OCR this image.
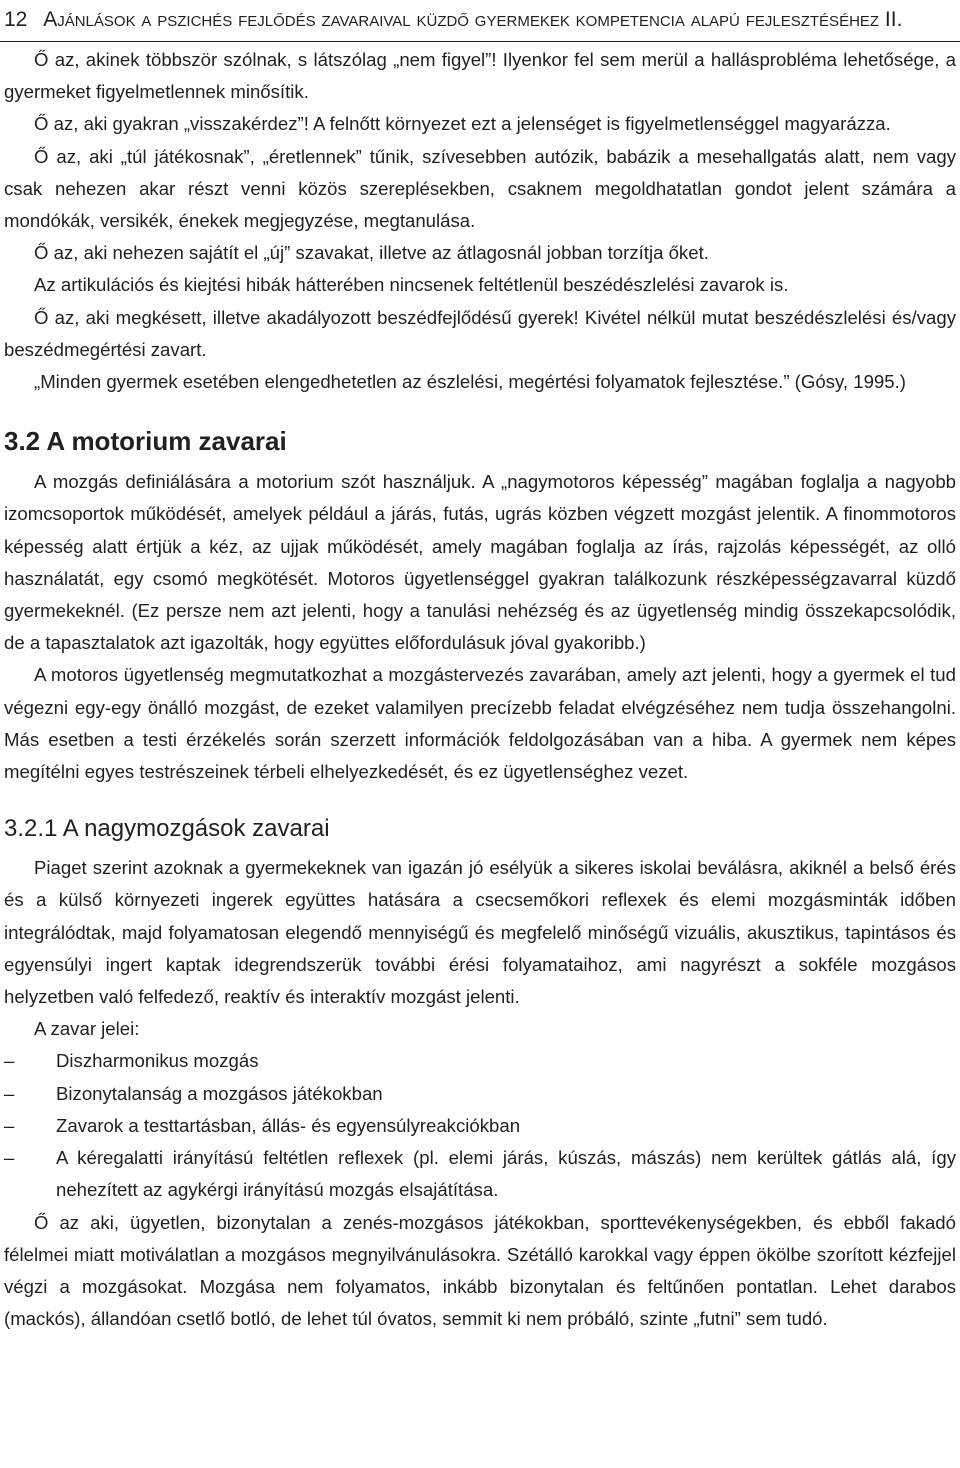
12 Ajánlások a pszichés fejlődés zavaraival küzdő gyermekek kompetencia alapú fejlesztéséhez II.

Ő az, akinek többször szólnak, s látszólag „nem figyel”! Ilyenkor fel sem merül a hallásprobléma lehetősége, a gyermeket figyelmetlennek minősítik.

Ő az, aki gyakran „visszakérdez”! A felnőtt környezet ezt a jelenséget is figyelmetlenséggel magyarázza.

Ő az, aki „túl játékosnak”, „éretlennek” tűnik, szívesebben autózik, babázik a mesehallgatás alatt, nem vagy csak nehezen akar részt venni közös szereplésekben, csaknem megoldhatatlan gondot jelent számára a mondókák, versikék, énekek megjegyzése, megtanulása.

Ő az, aki nehezen sajátít el „új” szavakat, illetve az átlagosnál jobban torzítja őket.

Az artikulációs és kiejtési hibák hátterében nincsenek feltétlenül beszédészlelési zavarok is.

Ő az, aki megkésett, illetve akadályozott beszédfejlődésű gyerek! Kivétel nélkül mutat beszédészlelési és/vagy beszédmegértési zavart.

„Minden gyermek esetében elengedhetetlen az észlelési, megértési folyamatok fejlesztése.” (Gósy, 1995.)

3.2 A motorium zavarai

A mozgás definiálására a motorium szót használjuk. A „nagymotoros képesség” magában foglalja a nagyobb izomcsoportok működését, amelyek például a járás, futás, ugrás közben végzett mozgást jelentik. A finommotoros képesség alatt értjük a kéz, az ujjak működését, amely magában foglalja az írás, rajzolás képességét, az olló használatát, egy csomó megkötését. Motoros ügyetlenséggel gyakran találkozunk részképességzavarral küzdő gyermekeknél. (Ez persze nem azt jelenti, hogy a tanulási nehézség és az ügyetlenség mindig összekapcsolódik, de a tapasztalatok azt igazolták, hogy együttes előfordulásuk jóval gyakoribb.)

A motoros ügyetlenség megmutatkozhat a mozgástervezés zavarában, amely azt jelenti, hogy a gyermek el tud végezni egy-egy önálló mozgást, de ezeket valamilyen precízebb feladat elvégzéséhez nem tudja összehangolni. Más esetben a testi érzékelés során szerzett információk feldolgozásában van a hiba. A gyermek nem képes megítélni egyes testrészeinek térbeli elhelyezkedését, és ez ügyetlenséghez vezet.

3.2.1 A nagymozgások zavarai

Piaget szerint azoknak a gyermekeknek van igazán jó esélyük a sikeres iskolai beválásra, akiknél a belső érés és a külső környezeti ingerek együttes hatására a csecsemőkori reflexek és elemi mozgásminták időben integrálódtak, majd folyamatosan elegendő mennyiségű és megfelelő minőségű vizuális, akusztikus, tapintásos és egyensúlyi ingert kaptak idegrendszerük további érési folyamataihoz, ami nagyrészt a sokféle mozgásos helyzetben való felfedező, reaktív és interaktív mozgást jelenti.

A zavar jelei:

–	Diszharmonikus mozgás
–	Bizonytalanság a mozgásos játékokban
–	Zavarok a testtartásban, állás- és egyensúlyreakciókban
–	A kéregalatti irányítású feltétlen reflexek (pl. elemi járás, kúszás, mászás) nem kerültek gátlás alá, így nehezített az agykérgi irányítású mozgás elsajátítása.

Ő az aki, ügyetlen, bizonytalan a zenés-mozgásos játékokban, sporttevékenységekben, és ebből fakadó félelmei miatt motiválatlan a mozgásos megnyilvánulásokra. Szétálló karokkal vagy éppen ökölbe szorított kézfejjel végzi a mozgásokat. Mozgása nem folyamatos, inkább bizonytalan és feltűnően pontatlan. Lehet darabos (mackós), állandóan csetlő botló, de lehet túl óvatos, semmit ki nem próbáló, szinte „futni” sem tudó.
